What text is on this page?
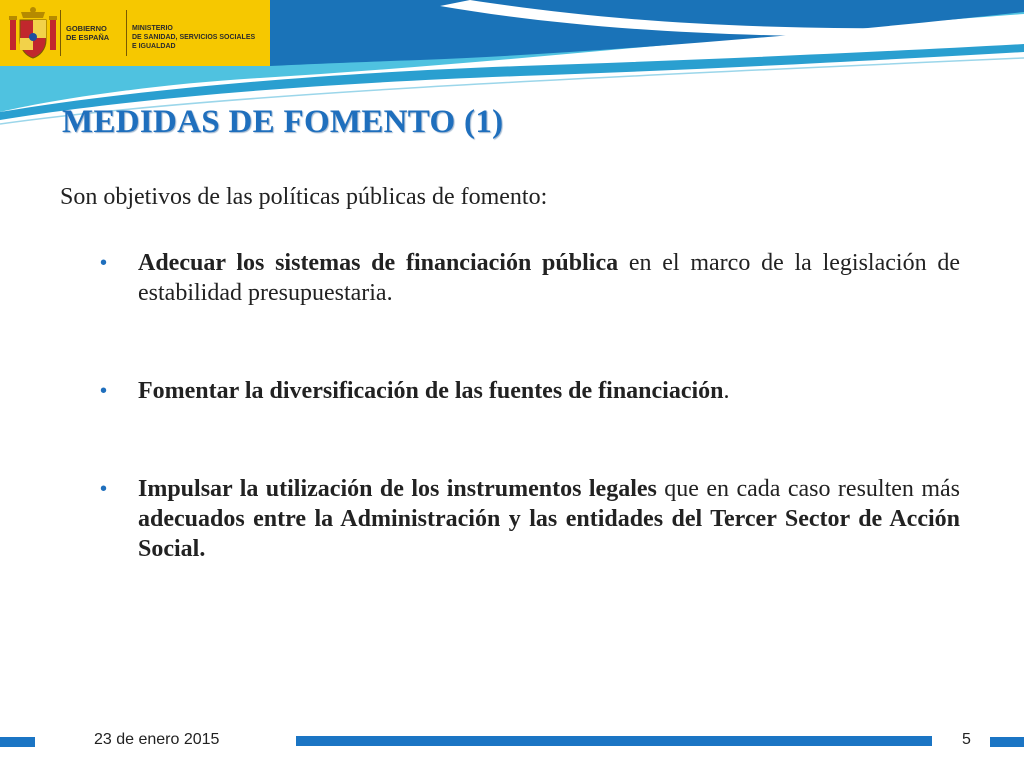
GOBIERNO
DE ESPAÑA
MINISTERIO
DE SANIDAD, SERVICIOS SOCIALES
E IGUALDAD
MEDIDAS DE FOMENTO (1)
Son objetivos de las políticas públicas de fomento:
• Adecuar los sistemas de financiación pública en el marco de la legislación de estabilidad presupuestaria.
• Fomentar la diversificación de las fuentes de financiación.
• Impulsar la utilización de los instrumentos legales que en cada caso resulten más adecuados entre la Administración y las entidades del Tercer Sector de Acción Social.
23 de enero 2015	5
